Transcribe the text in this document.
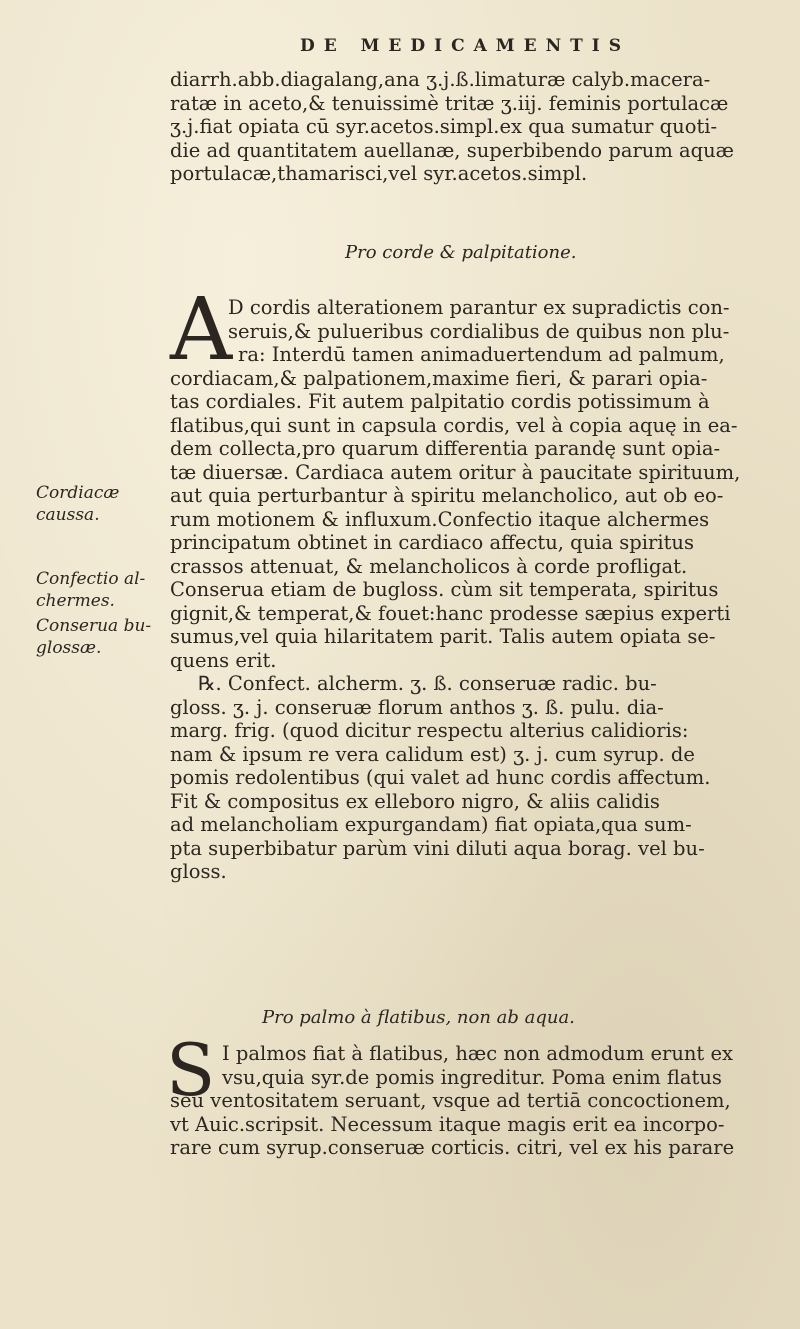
DE MEDICAMENTIS
diarrh.abb.diagalang,ana ʒ.j.ß.limaturæ calyb.macera-
ratæ in aceto,& tenuissimè tritæ ʒ.iij. feminis portulacæ
ʒ.j.fiat opiata cū syr.acetos.simpl.ex qua sumatur quoti-
die ad quantitatem auellanæ, superbibendo parum aquæ
portulacæ,thamarisci,vel syr.acetos.simpl.
Pro corde & palpitatione.
A
D cordis alterationem parantur ex supradictis con-
seruis,& pulueribus cordialibus de quibus non plu-
ra: Interdū tamen animaduertendum ad palmum,
cordiacam,& palpationem,maxime fieri, & parari opia-
tas cordiales. Fit autem palpitatio cordis potissimum à
flatibus,qui sunt in capsula cordis, vel à copia aquę in ea-
dem collecta,pro quarum differentia parandę sunt opia-
tæ diuersæ. Cardiaca autem oritur à paucitate spirituum,
aut quia perturbantur à spiritu melancholico, aut ob eo-
rum motionem & influxum.Confectio itaque alchermes
principatum obtinet in cardiaco affectu, quia spiritus
crassos attenuat, & melancholicos à corde profligat.
Conserua etiam de bugloss. cùm sit temperata, spiritus
gignit,& temperat,& fouet:hanc prodesse sæpius experti
sumus,vel quia hilaritatem parit. Talis autem opiata se-
quens erit.
℞. Confect. alcherm. ʒ. ß. conseruæ radic. bu-
gloss. ʒ. j. conseruæ florum anthos ʒ. ß. pulu. dia-
marg. frig. (quod dicitur respectu alterius calidioris:
nam & ipsum re vera calidum est) ʒ. j. cum syrup. de
pomis redolentibus (qui valet ad hunc cordis affectum.
Fit & compositus ex elleboro nigro, & aliis calidis
ad melancholiam expurgandam) fiat opiata,qua sum-
pta superbibatur parùm vini diluti aqua borag. vel bu-
gloss.
Pro palmo à flatibus, non ab aqua.
S I palmos fiat à flatibus, hæc non admodum erunt ex
vsu,quia syr.de pomis ingreditur. Poma enim flatus
seu ventositatem seruant, vsque ad tertiā concoctionem,
vt Auic.scripsit. Necessum itaque magis erit ea incorpo-
rare cum syrup.conseruæ corticis. citri, vel ex his parare
Cordiacæ
caussa.
Confectio al-
chermes.
Conserua bu-
glossæ.
